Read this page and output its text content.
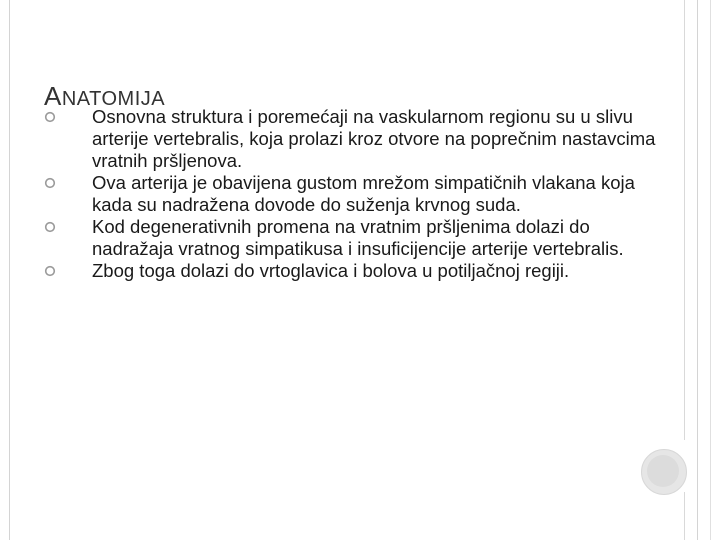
ANATOMIJA
Osnovna struktura i poremećaji na vaskularnom regionu su u slivu arterije vertebralis, koja prolazi kroz otvore na poprečnim nastavcima vratnih pršljenova.
Ova arterija je obavijena gustom mrežom simpatičnih vlakana koja kada su nadražena dovode do suženja krvnog suda.
Kod degenerativnih promena na vratnim pršljenima dolazi do nadražaja vratnog simpatikusa i insuficijencije arterije vertebralis.
Zbog toga dolazi do vrtoglavica i bolova u potiljačnoj regiji.
